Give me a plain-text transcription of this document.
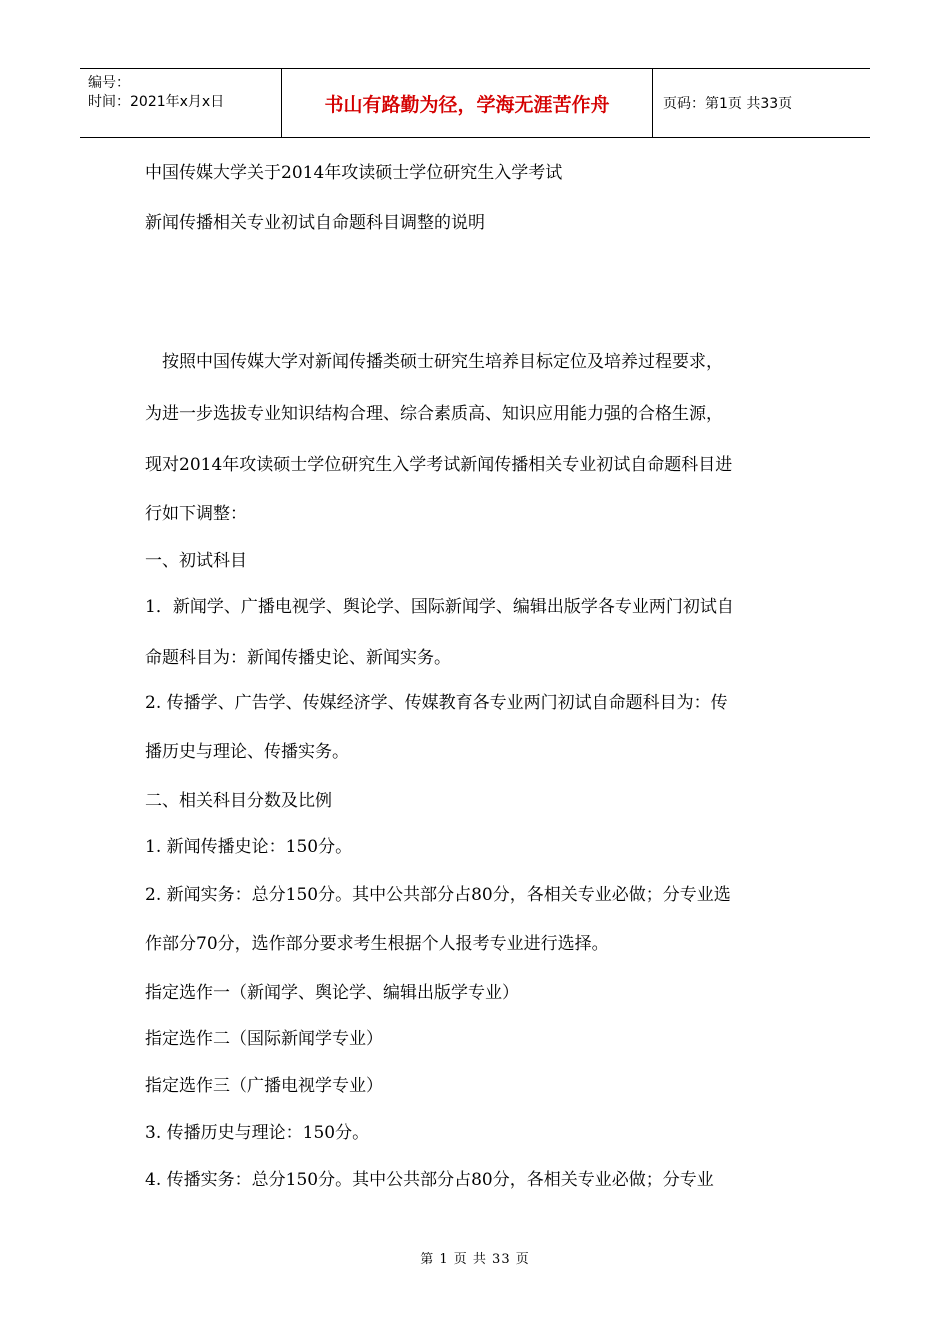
编号：
时间：2021年x月x日	书山有路勤为径，学海无涯苦作舟	页码：第1页 共33页
中国传媒大学关于2014年攻读硕士学位研究生入学考试
新闻传播相关专业初试自命题科目调整的说明
　按照中国传媒大学对新闻传播类硕士研究生培养目标定位及培养过程要求，
为进一步选拔专业知识结构合理、综合素质高、知识应用能力强的合格生源，
现对2014年攻读硕士学位研究生入学考试新闻传播相关专业初试自命题科目进
行如下调整：
一、初试科目
1．新闻学、广播电视学、舆论学、国际新闻学、编辑出版学各专业两门初试自
命题科目为：新闻传播史论、新闻实务。
2. 传播学、广告学、传媒经济学、传媒教育各专业两门初试自命题科目为：传
播历史与理论、传播实务。
二、相关科目分数及比例
1. 新闻传播史论：150分。
2. 新闻实务：总分150分。其中公共部分占80分，各相关专业必做；分专业选
作部分70分，选作部分要求考生根据个人报考专业进行选择。
指定选作一（新闻学、舆论学、编辑出版学专业）
指定选作二（国际新闻学专业）
指定选作三（广播电视学专业）
3. 传播历史与理论：150分。
4. 传播实务：总分150分。其中公共部分占80分，各相关专业必做；分专业
第 1 页 共 33 页
